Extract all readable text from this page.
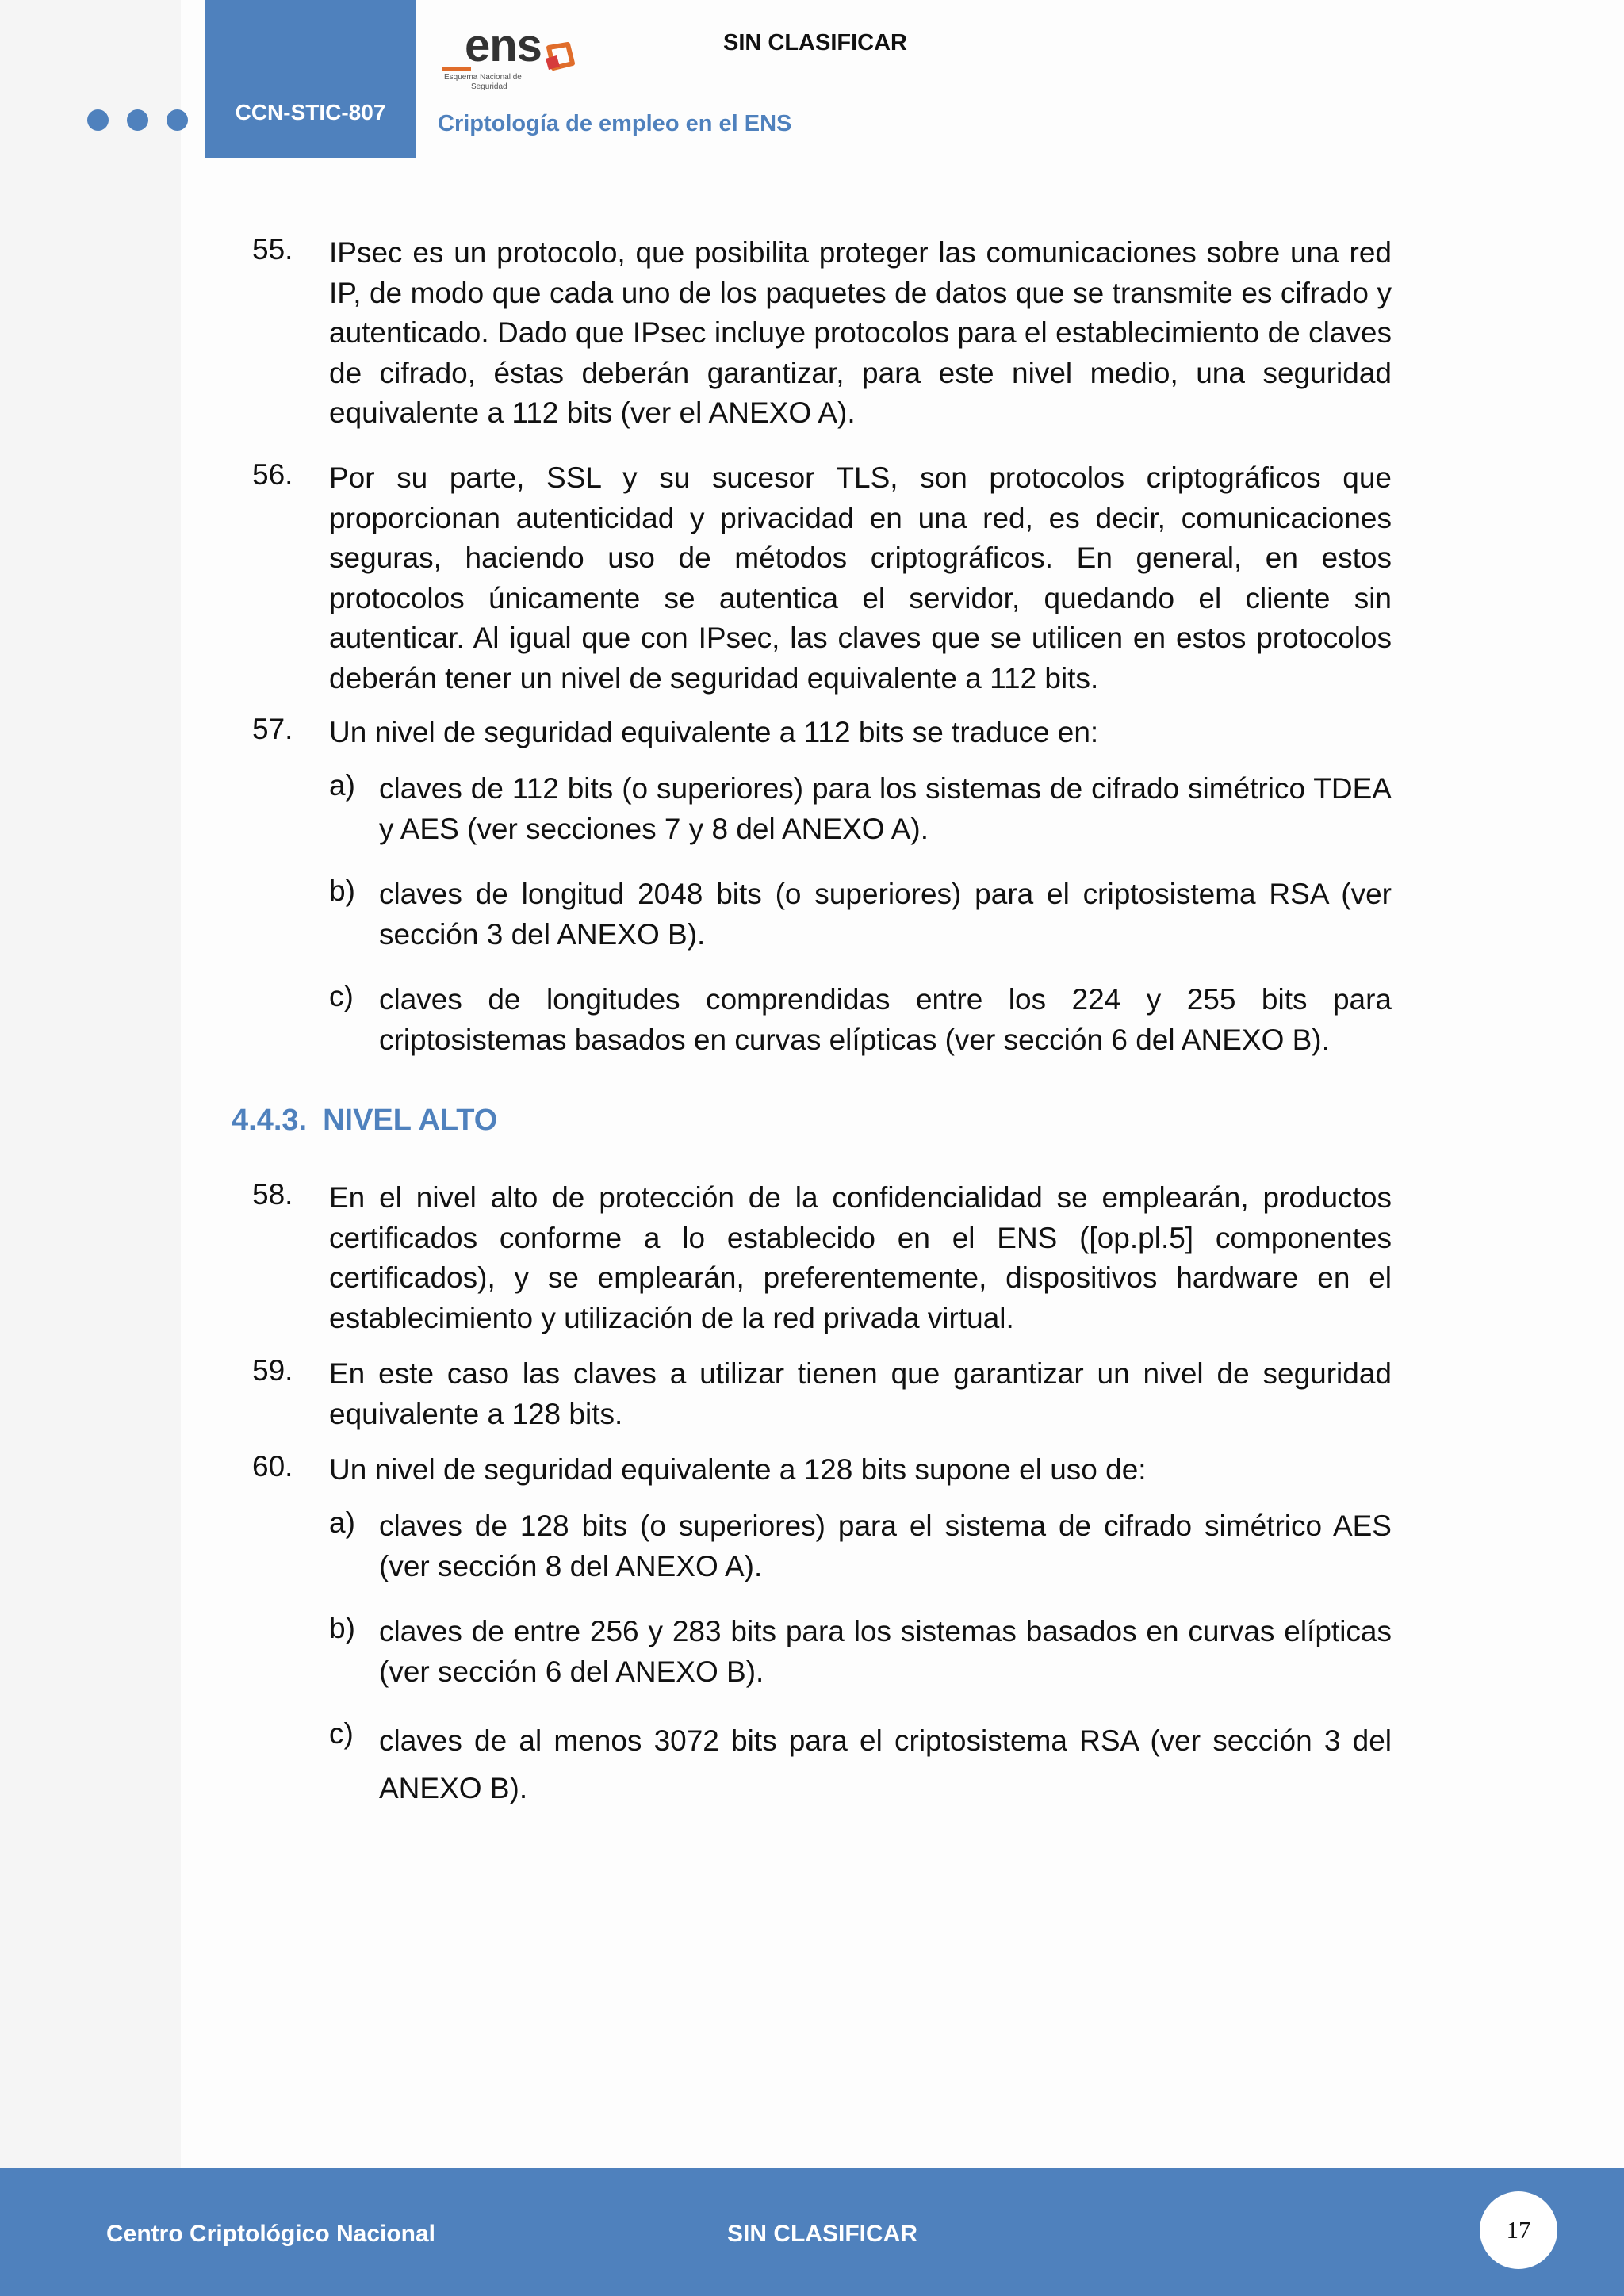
CCN-STIC-807
ens
Esquema Nacional de
Seguridad
SIN CLASIFICAR
Criptología de empleo en el ENS
55. IPsec es un protocolo, que posibilita proteger las comunicaciones sobre una red IP, de modo que cada uno de los paquetes de datos que se transmite es cifrado y autenticado. Dado que IPsec incluye protocolos para el establecimiento de claves de cifrado, éstas deberán garantizar, para este nivel medio, una seguridad equivalente a 112 bits (ver el ANEXO A).
56. Por su parte, SSL y su sucesor TLS, son protocolos criptográficos que proporcionan autenticidad y privacidad en una red, es decir, comunicaciones seguras, haciendo uso de métodos criptográficos. En general, en estos protocolos únicamente se autentica el servidor, quedando el cliente sin autenticar. Al igual que con IPsec, las claves que se utilicen en estos protocolos deberán tener un nivel de seguridad equivalente a 112 bits.
57. Un nivel de seguridad equivalente a 112 bits se traduce en:
a) claves de 112 bits (o superiores) para los sistemas de cifrado simétrico TDEA y AES (ver secciones 7 y 8 del ANEXO A).
b) claves de longitud 2048 bits (o superiores) para el criptosistema RSA (ver sección 3 del ANEXO B).
c) claves de longitudes comprendidas entre los 224 y 255 bits para criptosistemas basados en curvas elípticas (ver sección 6 del ANEXO B).
4.4.3. NIVEL ALTO
58. En el nivel alto de protección de la confidencialidad se emplearán, productos certificados conforme a lo establecido en el ENS ([op.pl.5] componentes certificados), y se emplearán, preferentemente, dispositivos hardware en el establecimiento y utilización de la red privada virtual.
59. En este caso las claves a utilizar tienen que garantizar un nivel de seguridad equivalente a 128 bits.
60. Un nivel de seguridad equivalente a 128 bits supone el uso de:
a) claves de 128 bits (o superiores) para el sistema de cifrado simétrico AES (ver sección 8 del ANEXO A).
b) claves de entre 256 y 283 bits para los sistemas basados en curvas elípticas (ver sección 6 del ANEXO B).
c) claves de al menos 3072 bits para el criptosistema RSA (ver sección 3 del ANEXO B).
Centro Criptológico Nacional	SIN CLASIFICAR	17
